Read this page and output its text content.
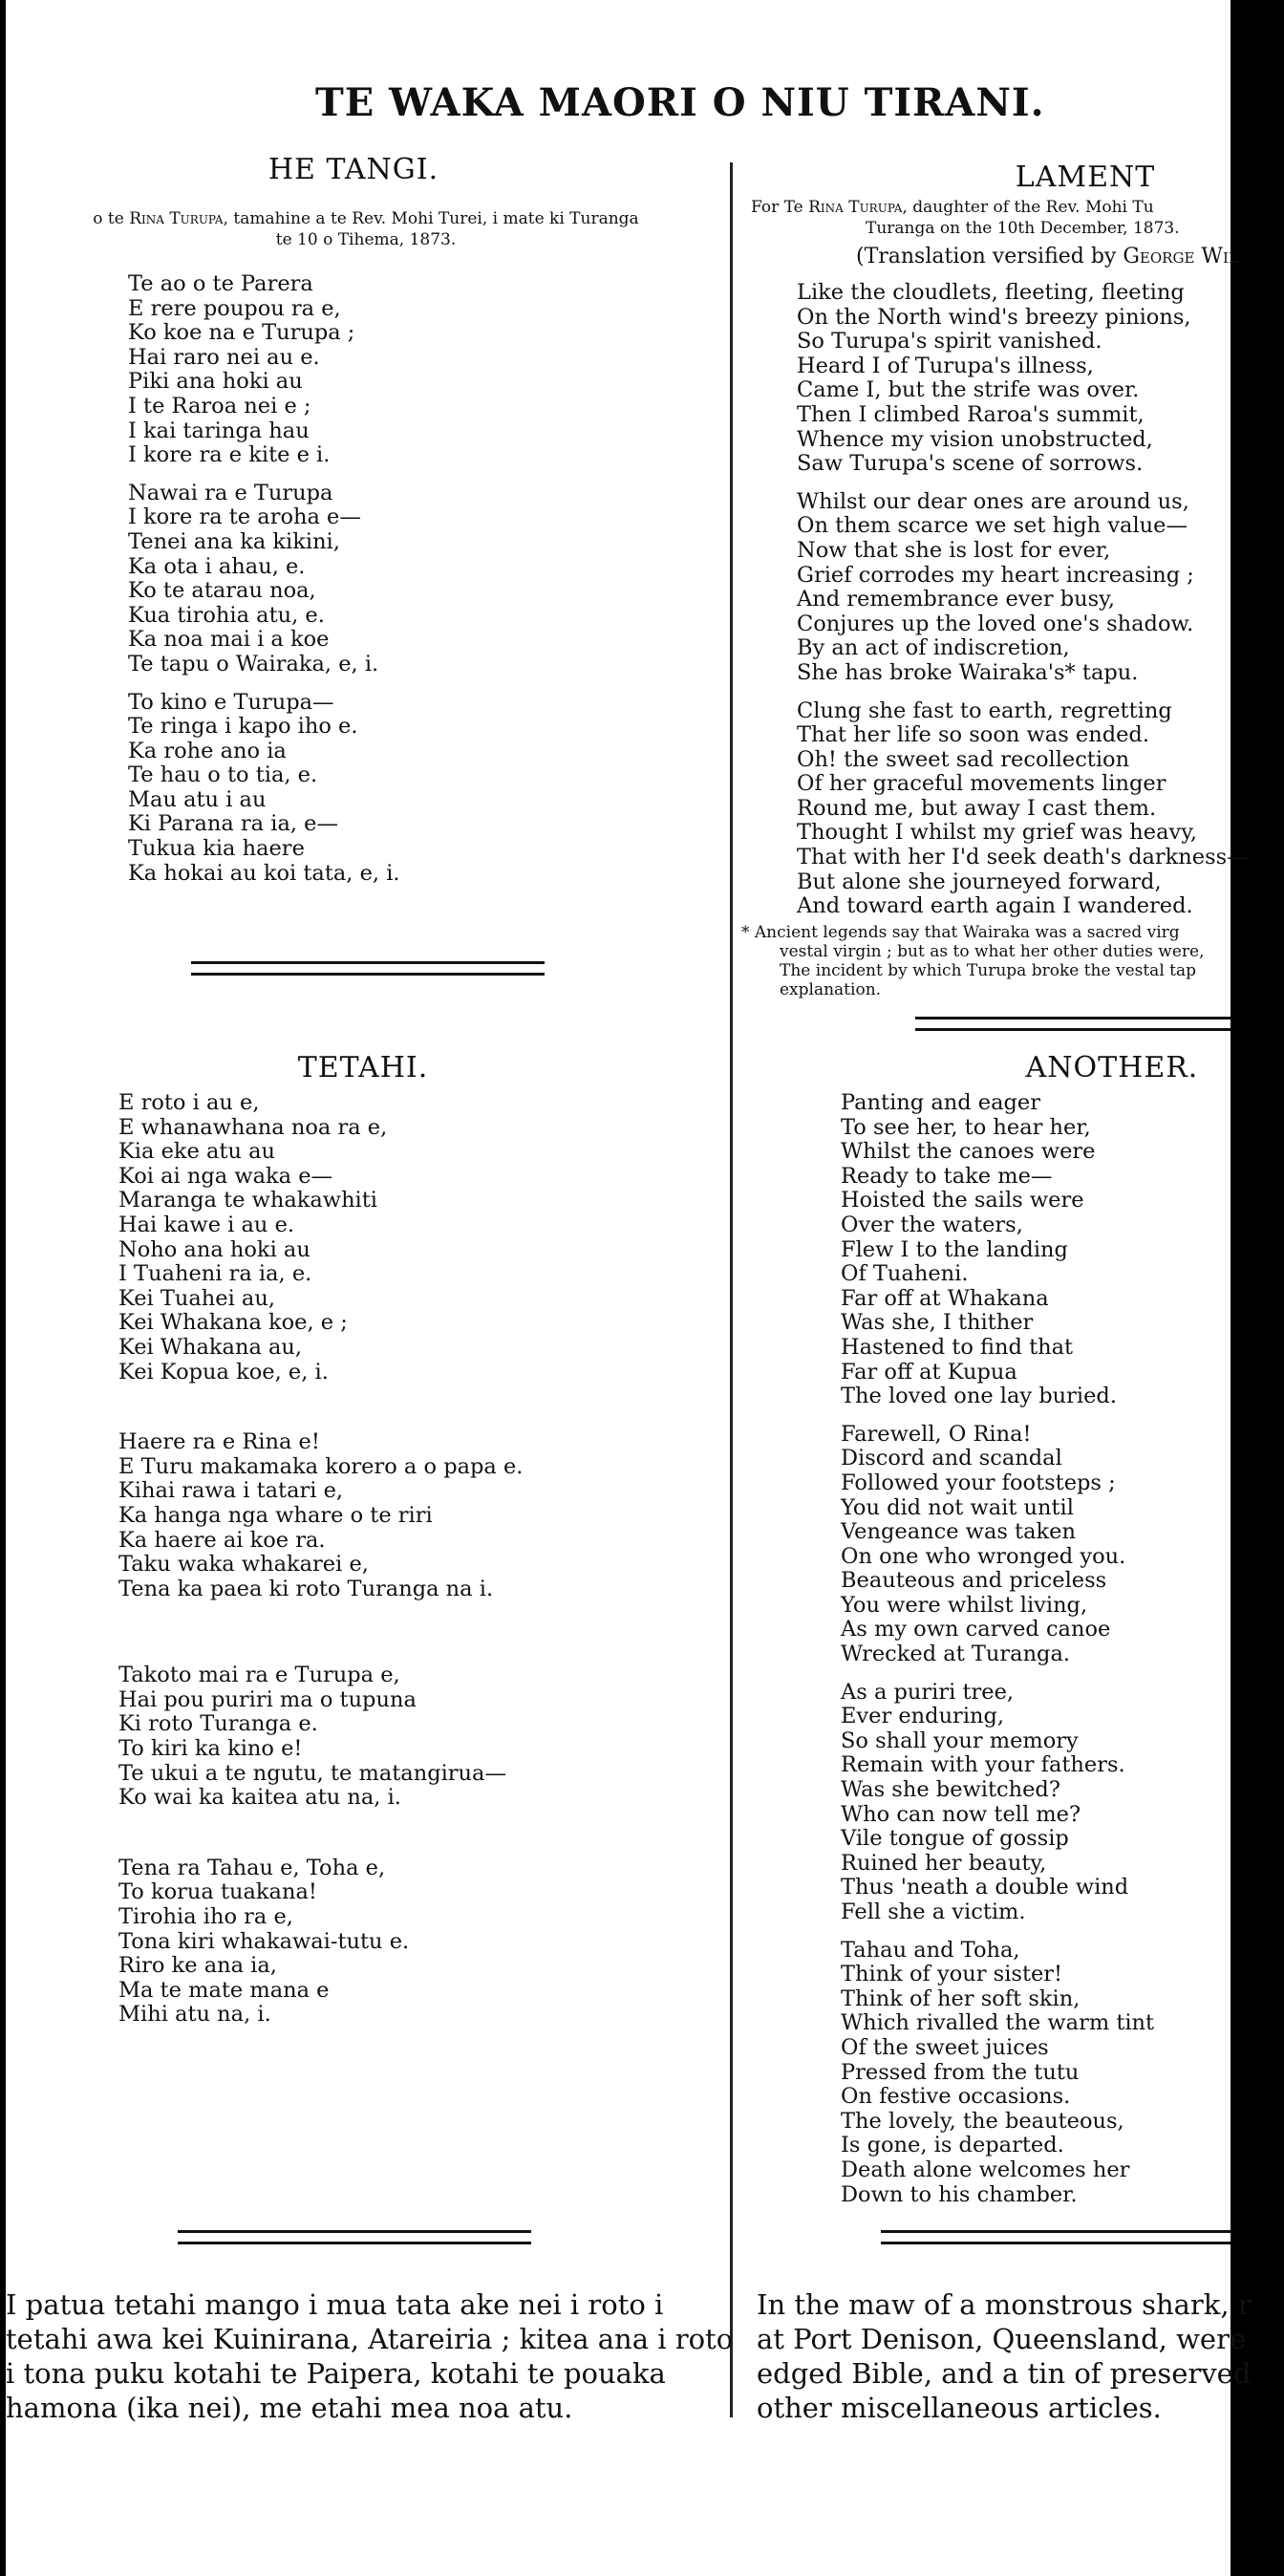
TE WAKA MAORI O NIU TIRANI.
HE TANGI.
o te Rina Turupa, tamahine a te Rev. Mohi Turei, i mate ki Turanga
te 10 o Tihema, 1873.
Te ao o te Parera
E rere poupou ra e,
Ko koe na e Turupa ;
Hai raro nei au e.
Piki ana hoki au
I te Raroa nei e ;
I kai taringa hau
I kore ra e kite e i.
Nawai ra e Turupa
I kore ra te aroha e—
Tenei ana ka kikini,
Ka ota i ahau, e.
Ko te atarau noa,
Kua tirohia atu, e.
Ka noa mai i a koe
Te tapu o Wairaka, e, i.
To kino e Turupa—
Te ringa i kapo iho e.
Ka rohe ano ia
Te hau o to tia, e.
Mau atu i au
Ki Parana ra ia, e—
Tukua kia haere
Ka hokai au koi tata, e, i.
TETAHI.
E roto i au e,
E whanawhana noa ra e,
Kia eke atu au
Koi ai nga waka e—
Maranga te whakawhiti
Hai kawe i au e.
Noho ana hoki au
I Tuaheni ra ia, e.
Kei Tuahei au,
Kei Whakana koe, e ;
Kei Whakana au,
Kei Kopua koe, e, i.
Haere ra e Rina e!
E Turu makamaka korero a o papa e.
Kihai rawa i tatari e,
Ka hanga nga whare o te riri
Ka haere ai koe ra.
Taku waka whakarei e,
Tena ka paea ki roto Turanga na i.
Takoto mai ra e Turupa e,
Hai pou puriri ma o tupuna
Ki roto Turanga e.
To kiri ka kino e!
Te ukui a te ngutu, te matangirua—
Ko wai ka kaitea atu na, i.
Tena ra Tahau e, Toha e,
To korua tuakana!
Tirohia iho ra e,
Tona kiri whakawai-tutu e.
Riro ke ana ia,
Ma te mate mana e
Mihi atu na, i.
I patua tetahi mango i mua tata ake nei i roto i
tetahi awa kei Kuinirana, Atareiria ; kitea ana i roto
i tona puku kotahi te Paipera, kotahi te pouaka
hamona (ika nei), me etahi mea noa atu.
LAMENT
For Te Rina Turupa, daughter of the Rev. Mohi Tu
Turanga on the 10th December, 1873.
(Translation versified by George Wil
Like the cloudlets, fleeting, fleeting
On the North wind's breezy pinions,
So Turupa's spirit vanished.
Heard I of Turupa's illness,
Came I, but the strife was over.
Then I climbed Raroa's summit,
Whence my vision unobstructed,
Saw Turupa's scene of sorrows.
Whilst our dear ones are around us,
On them scarce we set high value—
Now that she is lost for ever,
Grief corrodes my heart increasing ;
And remembrance ever busy,
Conjures up the loved one's shadow.
By an act of indiscretion,
She has broke Wairaka's* tapu.
Clung she fast to earth, regretting
That her life so soon was ended.
Oh! the sweet sad recollection
Of her graceful movements linger
Round me, but away I cast them.
Thought I whilst my grief was heavy,
That with her I'd seek death's darkness—
But alone she journeyed forward,
And toward earth again I wandered.
* Ancient legends say that Wairaka was a sacred virg
vestal virgin ; but as to what her other duties were,
The incident by which Turupa broke the vestal tap
explanation.
ANOTHER.
Panting and eager
To see her, to hear her,
Whilst the canoes were
Ready to take me—
Hoisted the sails were
Over the waters,
Flew I to the landing
Of Tuaheni.
Far off at Whakana
Was she, I thither
Hastened to find that
Far off at Kupua
The loved one lay buried.
Farewell, O Rina!
Discord and scandal
Followed your footsteps ;
You did not wait until
Vengeance was taken
On one who wronged you.
Beauteous and priceless
You were whilst living,
As my own carved canoe
Wrecked at Turanga.
As a puriri tree,
Ever enduring,
So shall your memory
Remain with your fathers.
Was she bewitched?
Who can now tell me?
Vile tongue of gossip
Ruined her beauty,
Thus 'neath a double wind
Fell she a victim.
Tahau and Toha,
Think of your sister!
Think of her soft skin,
Which rivalled the warm tint
Of the sweet juices
Pressed from the tutu
On festive occasions.
The lovely, the beauteous,
Is gone, is departed.
Death alone welcomes her
Down to his chamber.
In the maw of a monstrous shark, r
at Port Denison, Queensland, were
edged Bible, and a tin of preserved
other miscellaneous articles.
